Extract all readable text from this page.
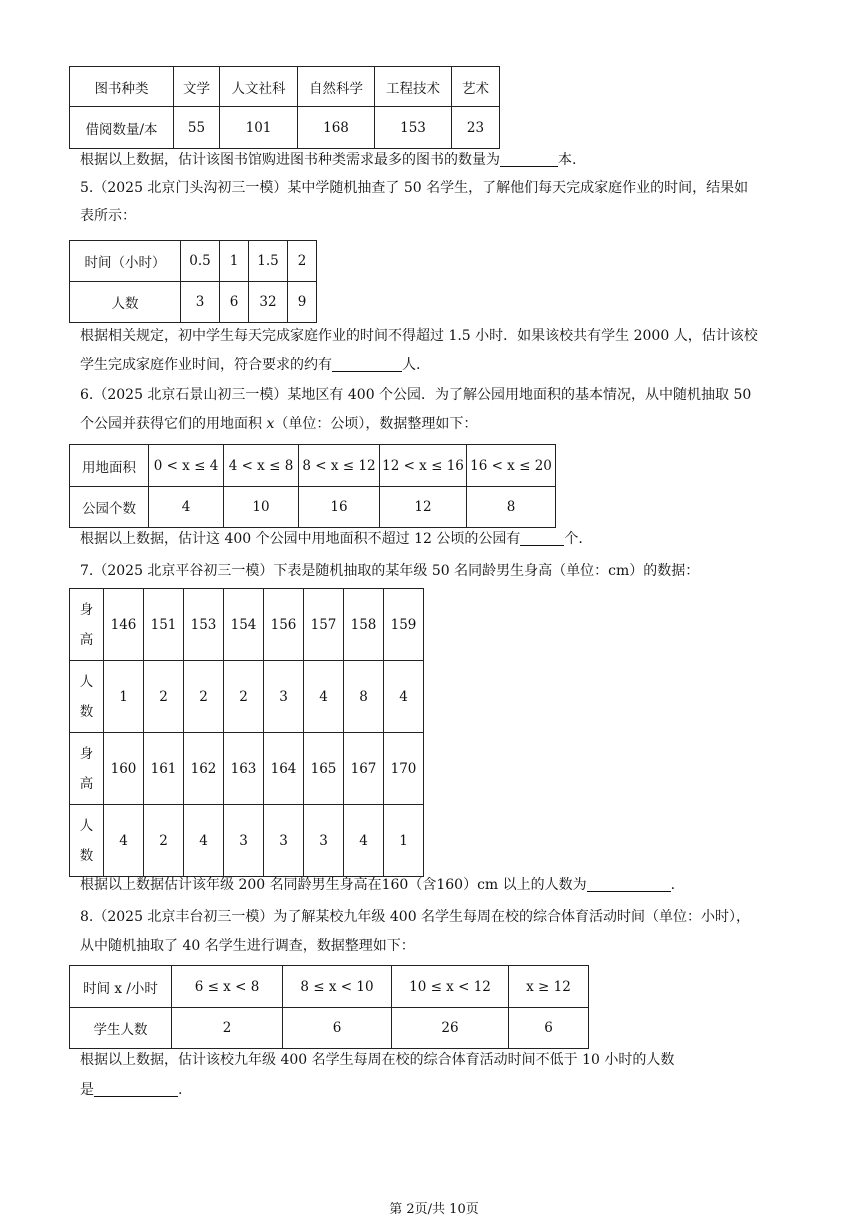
图书种类	文学	人文社科	自然科学	工程技术	艺术
借阅数量/本	55	101	168	153	23
根据以上数据，估计该图书馆购进图书种类需求最多的图书的数量为	本.
5.（2025 北京门头沟初三一模）某中学随机抽查了 50 名学生，了解他们每天完成家庭作业的时间，结果如
表所示：
时间（小时）	0.5	1	1.5	2
人数	3	6	32	9
根据相关规定，初中学生每天完成家庭作业的时间不得超过 1.5 小时．如果该校共有学生 2000 人，估计该校
学生完成家庭作业时间，符合要求的约有	人.
6.（2025 北京石景山初三一模）某地区有 400 个公园．为了解公园用地面积的基本情况，从中随机抽取 50
个公园并获得它们的用地面积 x（单位：公顷），数据整理如下：
用地面积	0 < x ≤ 4	4 < x ≤ 8	8 < x ≤ 12	12 < x ≤ 16	16 < x ≤ 20
公园个数	4	10	16	12	8
根据以上数据，估计这 400 个公园中用地面积不超过 12 公顷的公园有	个.
7.（2025 北京平谷初三一模）下表是随机抽取的某年级 50 名同龄男生身高（单位：cm）的数据：
身
高	146	151	153	154	156	157	158	159

人
数	1	2	2	2	3	4	8	4

身
高	160	161	162	163	164	165	167	170

人
数	4	2	4	3	3	3	4	1
根据以上数据估计该年级 200 名同龄男生身高在160（含160）cm 以上的人数为	.
8.（2025 北京丰台初三一模）为了解某校九年级 400 名学生每周在校的综合体育活动时间（单位：小时），
从中随机抽取了 40 名学生进行调查，数据整理如下：
时间 x /小时	6 ≤ x < 8	8 ≤ x < 10	10 ≤ x < 12	x ≥ 12
学生人数	2	6	26	6
根据以上数据，估计该校九年级 400 名学生每周在校的综合体育活动时间不低于 10 小时的人数
是	.
第 2页/共 10页
